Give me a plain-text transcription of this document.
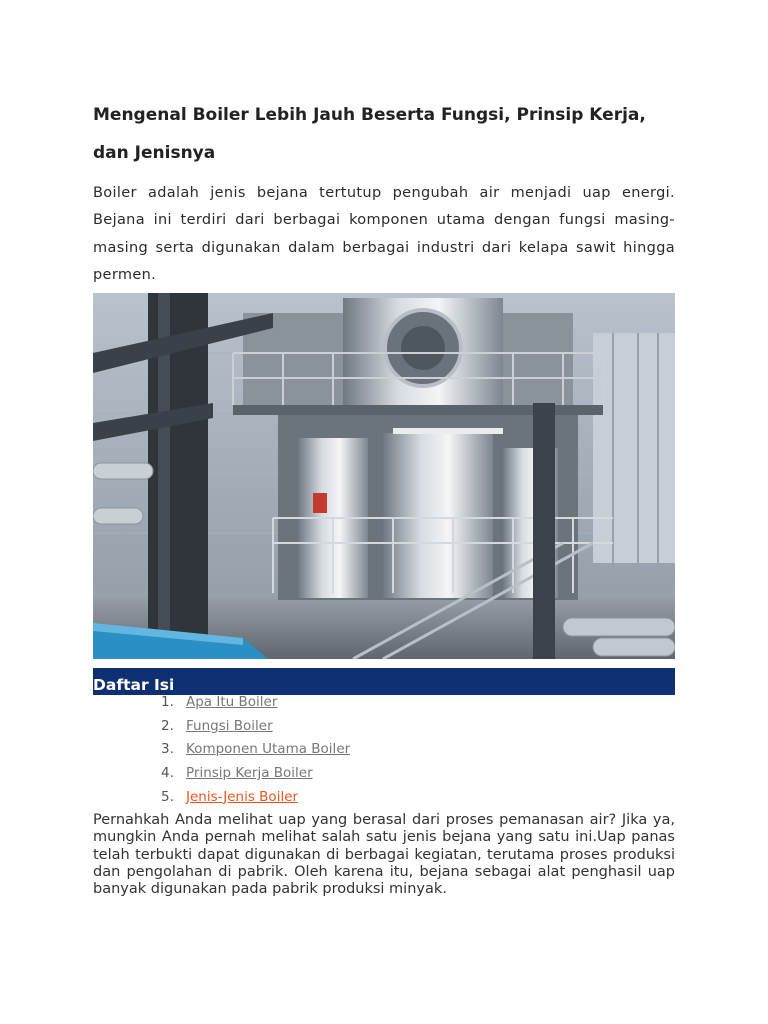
Mengenal Boiler Lebih Jauh Beserta Fungsi, Prinsip Kerja, dan Jenisnya

Boiler adalah jenis bejana tertutup pengubah air menjadi uap energi. Bejana ini terdiri dari berbagai komponen utama dengan fungsi masing-masing serta digunakan dalam berbagai industri dari kelapa sawit hingga permen.

Daftar Isi
1. Apa Itu Boiler
2. Fungsi Boiler
3. Komponen Utama Boiler
4. Prinsip Kerja Boiler
5. Jenis-Jenis Boiler

Pernahkah Anda melihat uap yang berasal dari proses pemanasan air? Jika ya, mungkin Anda pernah melihat salah satu jenis bejana yang satu ini.Uap panas telah terbukti dapat digunakan di berbagai kegiatan, terutama proses produksi dan pengolahan di pabrik. Oleh karena itu, bejana sebagai alat penghasil uap banyak digunakan pada pabrik produksi minyak.
